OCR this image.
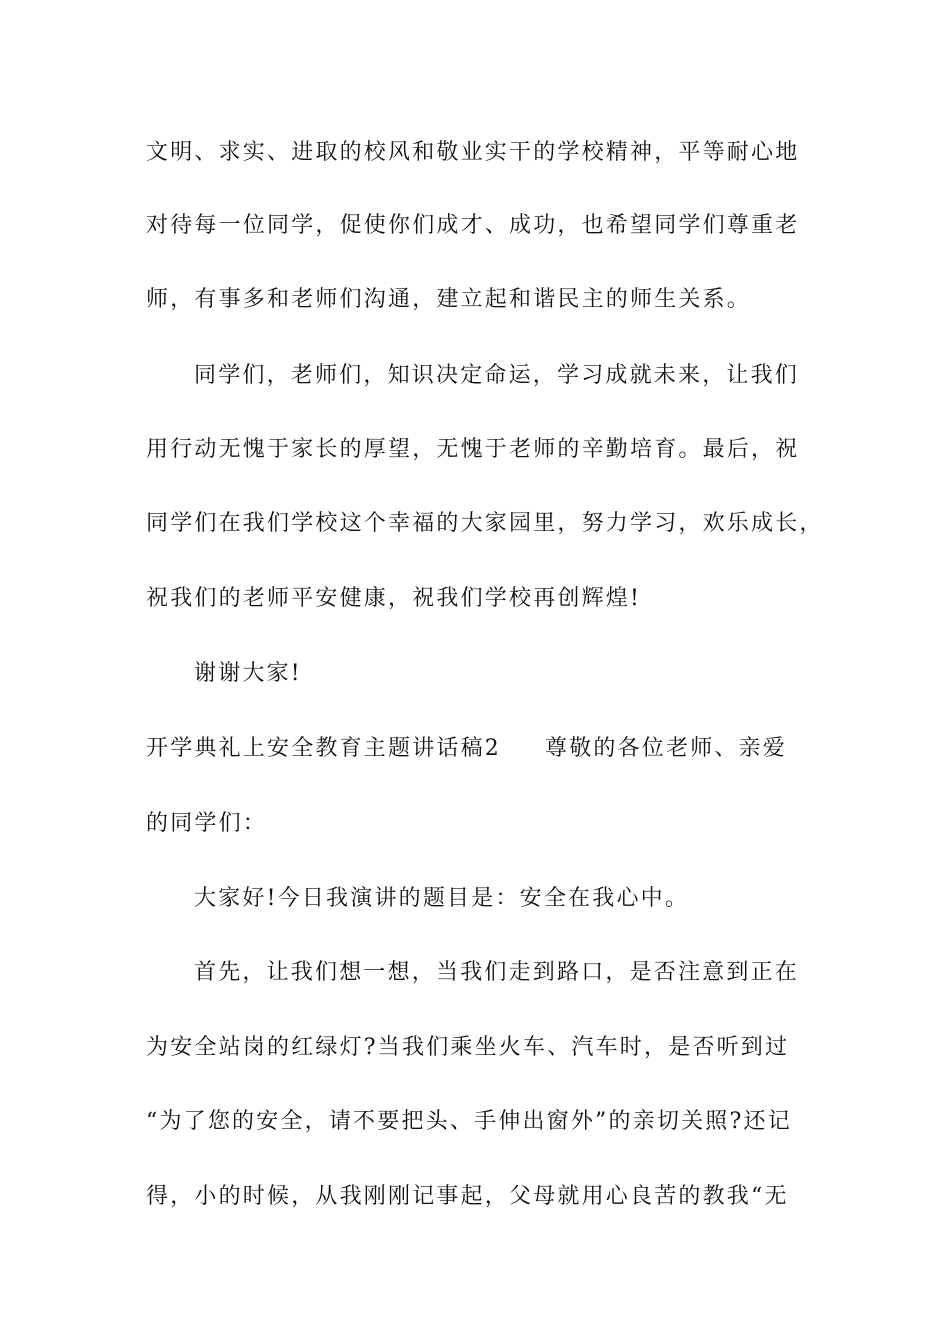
文明、求实、进取的校风和敬业实干的学校精神，平等耐心地

对待每一位同学，促使你们成才、成功，也希望同学们尊重老

师，有事多和老师们沟通，建立起和谐民主的师生关系。

同学们，老师们，知识决定命运，学习成就未来，让我们

用行动无愧于家长的厚望，无愧于老师的辛勤培育。最后，祝

同学们在我们学校这个幸福的大家园里，努力学习，欢乐成长，

祝我们的老师平安健康，祝我们学校再创辉煌!

谢谢大家!

开学典礼上安全教育主题讲话稿2 尊敬的各位老师、亲爱

的同学们：

大家好!今日我演讲的题目是：安全在我心中。

首先，让我们想一想，当我们走到路口，是否注意到正在

为安全站岗的红绿灯?当我们乘坐火车、汽车时，是否听到过

“为了您的安全，请不要把头、手伸出窗外”的亲切关照?还记

得，小的时候，从我刚刚记事起，父母就用心良苦的教我“无
